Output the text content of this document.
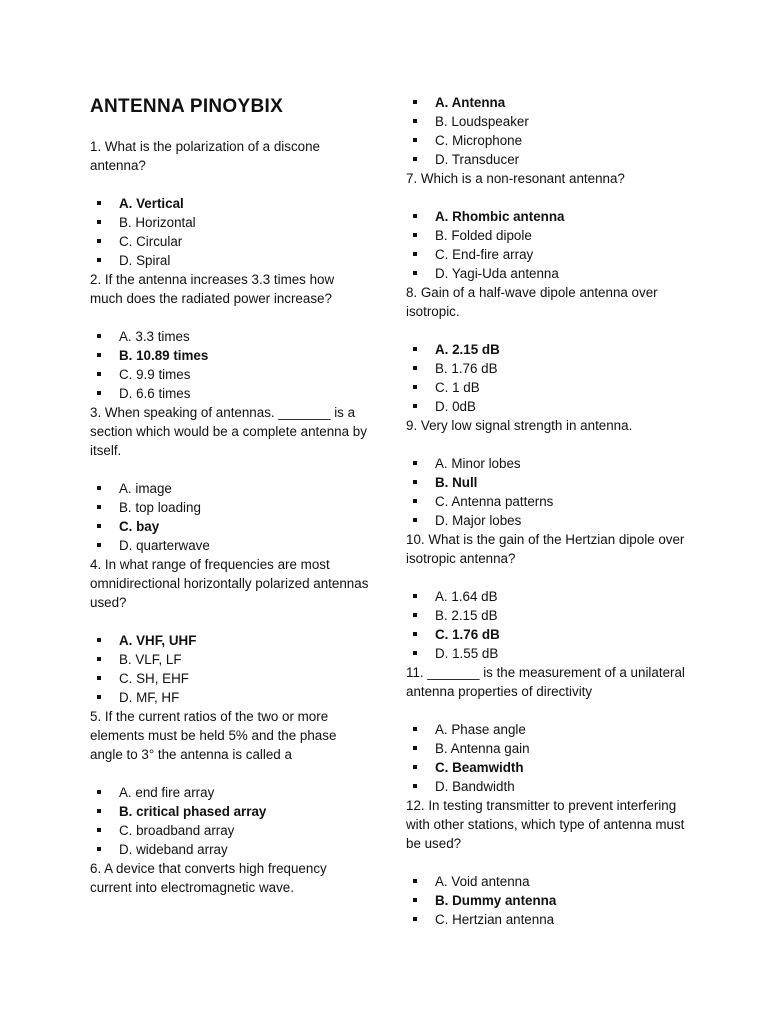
ANTENNA PINOYBIX
1. What is the polarization of a discone antenna?
A. Vertical
B. Horizontal
C. Circular
D. Spiral
2. If the antenna increases 3.3 times how much does the radiated power increase?
A. 3.3 times
B. 10.89 times
C. 9.9 times
D. 6.6 times
3. When speaking of antennas. _______ is a section which would be a complete antenna by itself.
A. image
B. top loading
C. bay
D. quarterwave
4. In what range of frequencies are most omnidirectional horizontally polarized antennas used?
A. VHF, UHF
B. VLF, LF
C. SH, EHF
D. MF, HF
5. If the current ratios of the two or more elements must be held 5% and the phase angle to 3° the antenna is called a
A. end fire array
B. critical phased array
C. broadband array
D. wideband array
6. A device that converts high frequency current into electromagnetic wave.
A. Antenna
B. Loudspeaker
C. Microphone
D. Transducer
7. Which is a non-resonant antenna?
A. Rhombic antenna
B. Folded dipole
C. End-fire array
D. Yagi-Uda antenna
8. Gain of a half-wave dipole antenna over isotropic.
A. 2.15 dB
B. 1.76 dB
C. 1 dB
D. 0dB
9. Very low signal strength in antenna.
A. Minor lobes
B. Null
C. Antenna patterns
D. Major lobes
10. What is the gain of the Hertzian dipole over isotropic antenna?
A. 1.64 dB
B. 2.15 dB
C. 1.76 dB
D. 1.55 dB
11. _______ is the measurement of a unilateral antenna properties of directivity
A. Phase angle
B. Antenna gain
C. Beamwidth
D. Bandwidth
12. In testing transmitter to prevent interfering with other stations, which type of antenna must be used?
A. Void antenna
B. Dummy antenna
C. Hertzian antenna
